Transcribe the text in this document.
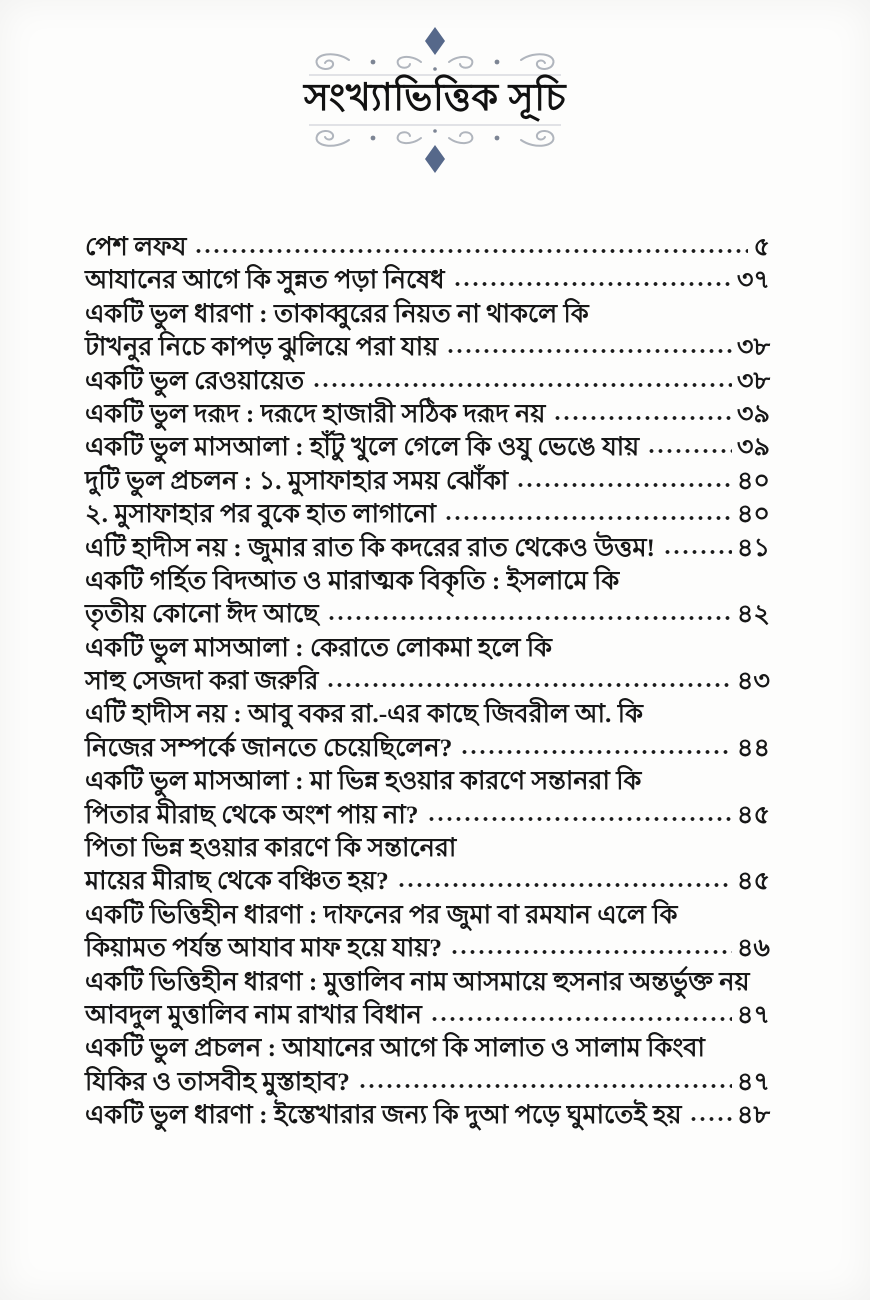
সংখ্যাভিত্তিক সূচি
পেশ লফয	৫
আযানের আগে কি সুন্নত পড়া নিষেধ	৩৭
একটি ভুল ধারণা : তাকাব্বুরের নিয়ত না থাকলে কি
টাখনুর নিচে কাপড় ঝুলিয়ে পরা যায়	৩৮
একটি ভুল রেওয়ায়েত	৩৮
একটি ভুল দরূদ : দরূদে হাজারী সঠিক দরূদ নয়	৩৯
একটি ভুল মাসআলা : হাঁটু খুলে গেলে কি ওযু ভেঙে যায়	৩৯
দুটি ভুল প্রচলন : ১. মুসাফাহার সময় ঝোঁকা	৪০
২. মুসাফাহার পর বুকে হাত লাগানো	৪০
এটি হাদীস নয় : জুমার রাত কি কদরের রাত থেকেও উত্তম!	৪১
একটি গর্হিত বিদআত ও মারাত্মক বিকৃতি : ইসলামে কি
তৃতীয় কোনো ঈদ আছে	৪২
একটি ভুল মাসআলা : কেরাতে লোকমা হলে কি
সাহু সেজদা করা জরুরি	৪৩
এটি হাদীস নয় : আবু বকর রা.-এর কাছে জিবরীল আ. কি
নিজের সম্পর্কে জানতে চেয়েছিলেন?	৪৪
একটি ভুল মাসআলা : মা ভিন্ন হওয়ার কারণে সন্তানরা কি
পিতার মীরাছ থেকে অংশ পায় না?	৪৫
পিতা ভিন্ন হওয়ার কারণে কি সন্তানেরা
মায়ের মীরাছ থেকে বঞ্চিত হয়?	৪৫
একটি ভিত্তিহীন ধারণা : দাফনের পর জুমা বা রমযান এলে কি
কিয়ামত পর্যন্ত আযাব মাফ হয়ে যায়?	৪৬
একটি ভিত্তিহীন ধারণা : মুত্তালিব নাম আসমায়ে হুসনার অন্তর্ভুক্ত নয়
আবদুল মুত্তালিব নাম রাখার বিধান	৪৭
একটি ভুল প্রচলন : আযানের আগে কি সালাত ও সালাম কিংবা
যিকির ও তাসবীহ মুস্তাহাব?	৪৭
একটি ভুল ধারণা : ইস্তেখারার জন্য কি দুআ পড়ে ঘুমাতেই হয় ৪৮
